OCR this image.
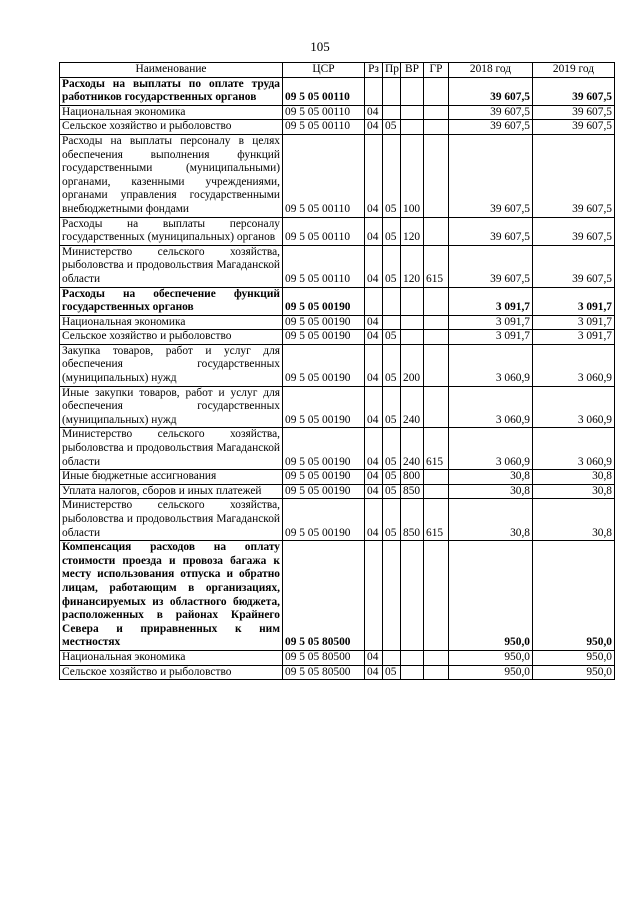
105
Наименование	ЦСР	Рз	Пр	ВР	ГР	2018 год	2019 год
Расходы на выплаты по оплате труда работников государственных органов	09 5 05 00110					39 607,5	39 607,5
Национальная экономика	09 5 05 00110	04				39 607,5	39 607,5
Сельское хозяйство и рыболовство	09 5 05 00110	04	05			39 607,5	39 607,5
Расходы на выплаты персоналу в целях обеспечения выполнения функций государственными (муниципальными) органами, казенными учреждениями, органами управления государственными внебюджетными фондами	09 5 05 00110	04	05	100		39 607,5	39 607,5
Расходы на выплаты персоналу государственных (муниципальных) органов	09 5 05 00110	04	05	120		39 607,5	39 607,5
Министерство сельского хозяйства, рыболовства и продовольствия Магаданской области	09 5 05 00110	04	05	120	615	39 607,5	39 607,5
Расходы на обеспечение функций государственных органов	09 5 05 00190					3 091,7	3 091,7
Национальная экономика	09 5 05 00190	04				3 091,7	3 091,7
Сельское хозяйство и рыболовство	09 5 05 00190	04	05			3 091,7	3 091,7
Закупка товаров, работ и услуг для обеспечения государственных (муниципальных) нужд	09 5 05 00190	04	05	200		3 060,9	3 060,9
Иные закупки товаров, работ и услуг для обеспечения государственных (муниципальных) нужд	09 5 05 00190	04	05	240		3 060,9	3 060,9
Министерство сельского хозяйства, рыболовства и продовольствия Магаданской области	09 5 05 00190	04	05	240	615	3 060,9	3 060,9
Иные бюджетные ассигнования	09 5 05 00190	04	05	800		30,8	30,8
Уплата налогов, сборов и иных платежей	09 5 05 00190	04	05	850		30,8	30,8
Министерство сельского хозяйства, рыболовства и продовольствия Магаданской области	09 5 05 00190	04	05	850	615	30,8	30,8
Компенсация расходов на оплату стоимости проезда и провоза багажа к месту использования отпуска и обратно лицам, работающим в организациях, финансируемых из областного бюджета, расположенных в районах Крайнего Севера и приравненных к ним местностях	09 5 05 80500					950,0	950,0
Национальная экономика	09 5 05 80500	04				950,0	950,0
Сельское хозяйство и рыболовство	09 5 05 80500	04	05			950,0	950,0
